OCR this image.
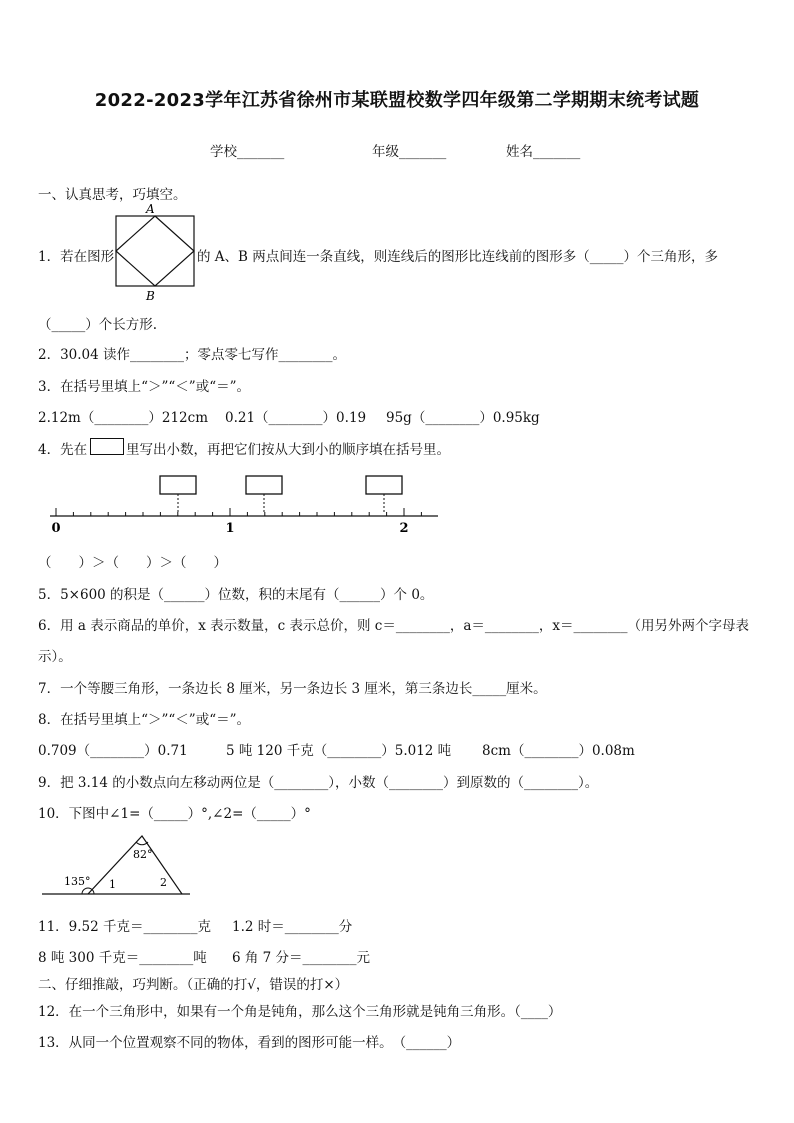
2022-2023学年江苏省徐州市某联盟校数学四年级第二学期期末统考试题
学校_______	年级_______	姓名_______
一、认真思考，巧填空。
1．若在图形
A
B
的 A、B 两点间连一条直线，则连线后的图形比连线前的图形多（_____）个三角形，多
（_____）个长方形.
2．30.04 读作________；零点零七写作________。
3．在括号里填上“＞”“＜”或“＝”。
2.12m（________）212cm 0.21（________）0.19 95g（________）0.95kg
4．先在	里写出小数，再把它们按从大到小的顺序填在括号里。
0	1	2
（　　）＞（　　）＞（　　）
5．5×600 的积是（______）位数，积的末尾有（______）个 0。
6．用 a 表示商品的单价，x 表示数量，c 表示总价，则 c＝________，a＝________，x＝________（用另外两个字母表
示）。
7．一个等腰三角形，一条边长 8 厘米，另一条边长 3 厘米，第三条边长_____厘米。
8．在括号里填上“＞”“＜”或“＝”。
0.709（________）0.71	5 吨 120 千克（________）5.012 吨 8cm（________）0.08m
9．把 3.14 的小数点向左移动两位是（________），小数（________）到原数的（________）。
10．下图中∠1=（_____）°,∠2=（_____）°
135°
82°
1	2
11．9.52 千克＝________克 1.2 时＝________分
8 吨 300 千克＝________吨 6 角 7 分＝________元
二、仔细推敲，巧判断。（正确的打√，错误的打×）
12．在一个三角形中，如果有一个角是钝角，那么这个三角形就是钝角三角形。（____）
13．从同一个位置观察不同的物体，看到的图形可能一样。　（______）
